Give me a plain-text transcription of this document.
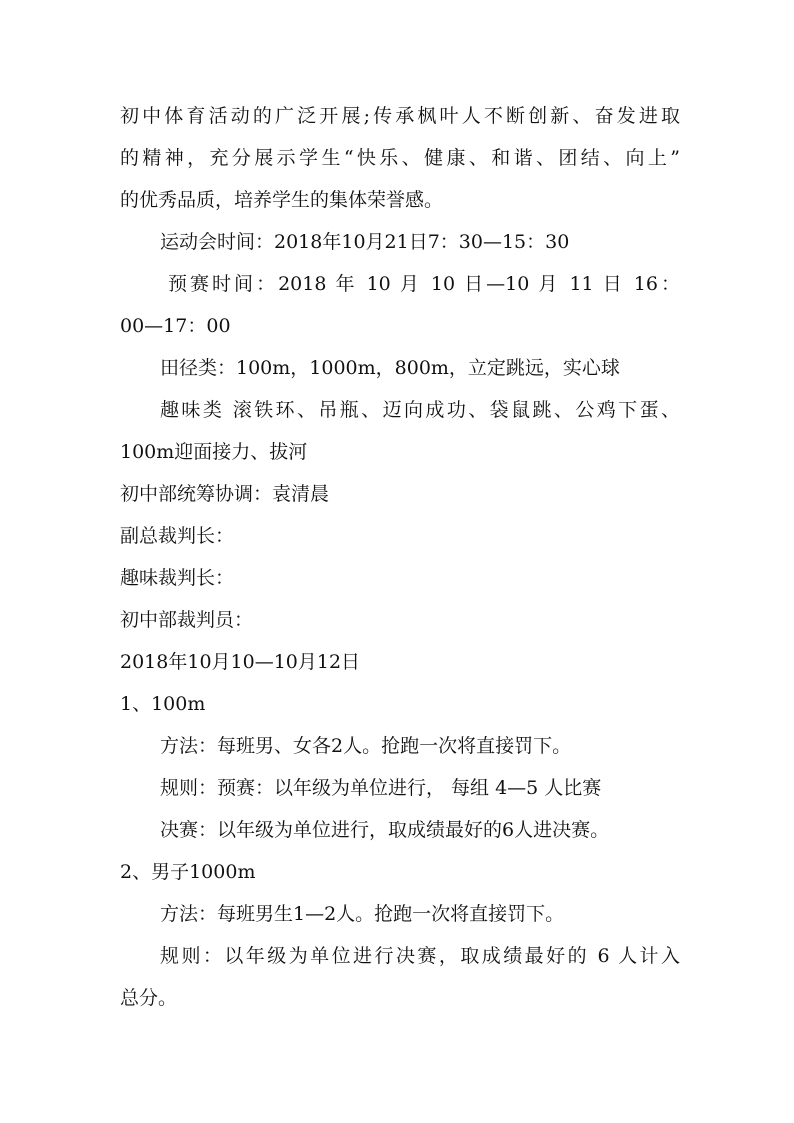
初中体育活动的广泛开展;传承枫叶人不断创新、奋发进取
的精神，充分展示学生“快乐、健康、和谐、团结、向上”
的优秀品质，培养学生的集体荣誉感。
运动会时间：2018年10月21日7：30—15：30
预赛时间：2018 年 10 月 10 日—10 月 11 日 16：
00—17：00
田径类：100m，1000m，800m，立定跳远，实心球
趣味类 滚铁环、吊瓶、迈向成功、袋鼠跳、公鸡下蛋、
100m迎面接力、拔河
初中部统筹协调：袁清晨
副总裁判长：
趣味裁判长：
初中部裁判员：
2018年10月10—10月12日
1、100m
方法：每班男、女各2人。抢跑一次将直接罚下。
规则：预赛：以年级为单位进行， 每组 4—5 人比赛
决赛：以年级为单位进行，取成绩最好的6人进决赛。
2、男子1000m
方法：每班男生1—2人。抢跑一次将直接罚下。
规则：以年级为单位进行决赛，取成绩最好的 6 人计入
总分。
